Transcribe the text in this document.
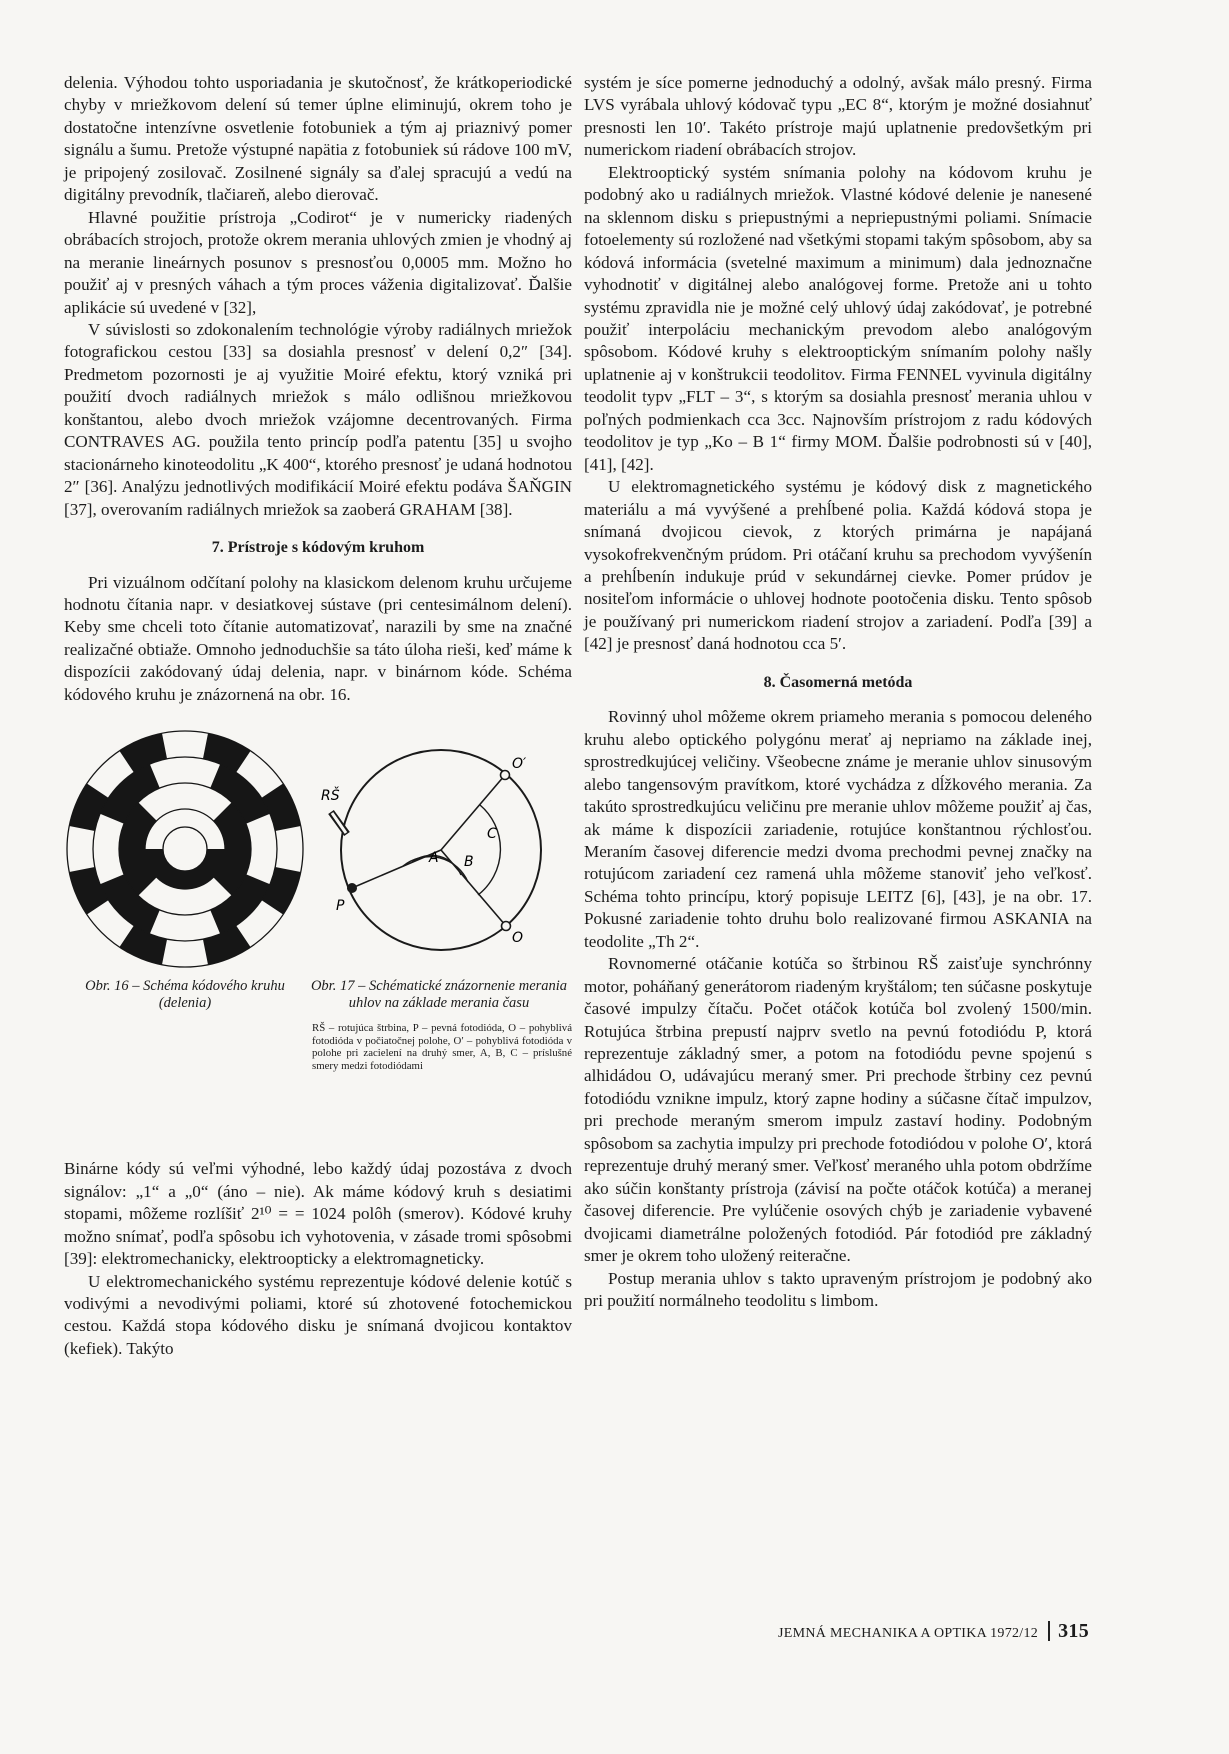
delenia. Výhodou tohto usporiadania je skutočnosť, že krátkoperiodické chyby v mriežkovom delení sú temer úplne eliminujú, okrem toho je dostatočne intenzívne osvetlenie fotobuniek a tým aj priaznivý pomer signálu a šumu. Pretože výstupné napätia z fotobuniek sú rádove 100 mV, je pripojený zosilovač. Zosilnené signály sa ďalej spracujú a vedú na digitálny prevodník, tlačiareň, alebo dierovač.

Hlavné použitie prístroja „Codirot“ je v numericky riadených obrábacích strojoch, protože okrem merania uhlových zmien je vhodný aj na meranie lineárnych posunov s presnosťou 0,0005 mm. Možno ho použiť aj v presných váhach a tým proces váženia digitalizovať. Ďalšie aplikácie sú uvedené v [32],

V súvislosti so zdokonalením technológie výroby radiálnych mriežok fotografickou cestou [33] sa dosiahla presnosť v delení 0,2″ [34]. Predmetom pozornosti je aj využitie Moiré efektu, ktorý vzniká pri použití dvoch radiálnych mriežok s málo odlišnou mriežkovou konštantou, alebo dvoch mriežok vzájomne decentrovaných. Firma CONTRAVES AG. použila tento princíp podľa patentu [35] u svojho stacionárneho kinoteodolitu „K 400“, ktorého presnosť je udaná hodnotou 2″ [36]. Analýzu jednotlivých modifikácií Moiré efektu podáva ŠAŇGIN [37], overovaním radiálnych mriežok sa zaoberá GRAHAM [38].

7. Prístroje s kódovým kruhom

Pri vizuálnom odčítaní polohy na klasickom delenom kruhu určujeme hodnotu čítania napr. v desiatkovej sústave (pri centesimálnom delení). Keby sme chceli toto čítanie automatizovať, narazili by sme na značné realizačné obtiaže. Omnoho jednoduchšie sa táto úloha rieši, keď máme k dispozícii zakódovaný údaj delenia, napr. v binárnom kóde. Schéma kódového kruhu je znázornená na obr. 16.

Obr. 16 – Schéma kódového kruhu (delenia)
RŠ
O′
P
O
A B
C
Obr. 17 – Schématické znázornenie merania uhlov na základe merania času
RŠ – rotujúca štrbina, P – pevná fotodióda, O – pohyblivá fotodióda v počiatočnej polohe, O′ – pohyblivá fotodióda v polohe pri zacielení na druhý smer, A, B, C – príslušné smery medzi fotodiódami

Binárne kódy sú veľmi výhodné, lebo každý údaj pozostáva z dvoch signálov: „1“ a „0“ (áno – nie). Ak máme kódový kruh s desiatimi stopami, môžeme rozlíšiť 2¹⁰ = = 1024 polôh (smerov). Kódové kruhy možno snímať, podľa spôsobu ich vyhotovenia, v zásade tromi spôsobmi [39]: elektromechanicky, elektroopticky a elektromagneticky.

U elektromechanického systému reprezentuje kódové delenie kotúč s vodivými a nevodivými poliami, ktoré sú zhotovené fotochemickou cestou. Každá stopa kódového disku je snímaná dvojicou kontaktov (kefiek). Takýto

systém je síce pomerne jednoduchý a odolný, avšak málo presný. Firma LVS vyrábala uhlový kódovač typu „EC 8“, ktorým je možné dosiahnuť presnosti len 10′. Takéto prístroje majú uplatnenie predovšetkým pri numerickom riadení obrábacích strojov.

Elektrooptický systém snímania polohy na kódovom kruhu je podobný ako u radiálnych mriežok. Vlastné kódové delenie je nanesené na sklennom disku s priepustnými a nepriepustnými poliami. Snímacie fotoelementy sú rozložené nad všetkými stopami takým spôsobom, aby sa kódová informácia (svetelné maximum a minimum) dala jednoznačne vyhodnotiť v digitálnej alebo analógovej forme. Pretože ani u tohto systému zpravidla nie je možné celý uhlový údaj zakódovať, je potrebné použiť interpoláciu mechanickým prevodom alebo analógovým spôsobom. Kódové kruhy s elektrooptickým snímaním polohy našly uplatnenie aj v konštrukcii teodolitov. Firma FENNEL vyvinula digitálny teodolit typv „FLT – 3“, s ktorým sa dosiahla presnosť merania uhlou v poľných podmienkach cca 3cc. Najnovším prístrojom z radu kódových teodolitov je typ „Ko – B 1“ firmy MOM. Ďalšie podrobnosti sú v [40], [41], [42].

U elektromagnetického systému je kódový disk z magnetického materiálu a má vyvýšené a prehĺbené polia. Každá kódová stopa je snímaná dvojicou cievok, z ktorých primárna je napájaná vysokofrekvenčným prúdom. Pri otáčaní kruhu sa prechodom vyvýšenín a prehĺbenín indukuje prúd v sekundárnej cievke. Pomer prúdov je nositeľom informácie o uhlovej hodnote pootočenia disku. Tento spôsob je používaný pri numerickom riadení strojov a zariadení. Podľa [39] a [42] je presnosť daná hodnotou cca 5′.

8. Časomerná metóda

Rovinný uhol môžeme okrem priameho merania s pomocou deleného kruhu alebo optického polygónu merať aj nepriamo na základe inej, sprostredkujúcej veličiny. Všeobecne známe je meranie uhlov sinusovým alebo tangensovým pravítkom, ktoré vychádza z dĺžkového merania. Za takúto sprostredkujúcu veličinu pre meranie uhlov môžeme použiť aj čas, ak máme k dispozícii zariadenie, rotujúce konštantnou rýchlosťou. Meraním časovej diferencie medzi dvoma prechodmi pevnej značky na rotujúcom zariadení cez ramená uhla môžeme stanoviť jeho veľkosť. Schéma tohto princípu, ktorý popisuje LEITZ [6], [43], je na obr. 17. Pokusné zariadenie tohto druhu bolo realizované firmou ASKANIA na teodolite „Th 2“.

Rovnomerné otáčanie kotúča so štrbinou RŠ zaisťuje synchrónny motor, poháňaný generátorom riadeným kryštálom; ten súčasne poskytuje časové impulzy čítaču. Počet otáčok kotúča bol zvolený 1500/min. Rotujúca štrbina prepustí najprv svetlo na pevnú fotodiódu P, ktorá reprezentuje základný smer, a potom na fotodiódu pevne spojenú s alhidádou O, udávajúcu meraný smer. Pri prechode štrbiny cez pevnú fotodiódu vznikne impulz, ktorý zapne hodiny a súčasne čítač impulzov, pri prechode meraným smerom impulz zastaví hodiny. Podobným spôsobom sa zachytia impulzy pri prechode fotodiódou v polohe O′, ktorá reprezentuje druhý meraný smer. Veľkosť meraného uhla potom obdržíme ako súčin konštanty prístroja (závisí na počte otáčok kotúča) a meranej časovej diferencie. Pre vylúčenie osových chýb je zariadenie vybavené dvojicami diametrálne položených fotodiód. Pár fotodiód pre základný smer je okrem toho uložený reiteračne.

Postup merania uhlov s takto upraveným prístrojom je podobný ako pri použití normálneho teodolitu s limbom.

JEMNÁ MECHANIKA A OPTIKA 1972/12 315
